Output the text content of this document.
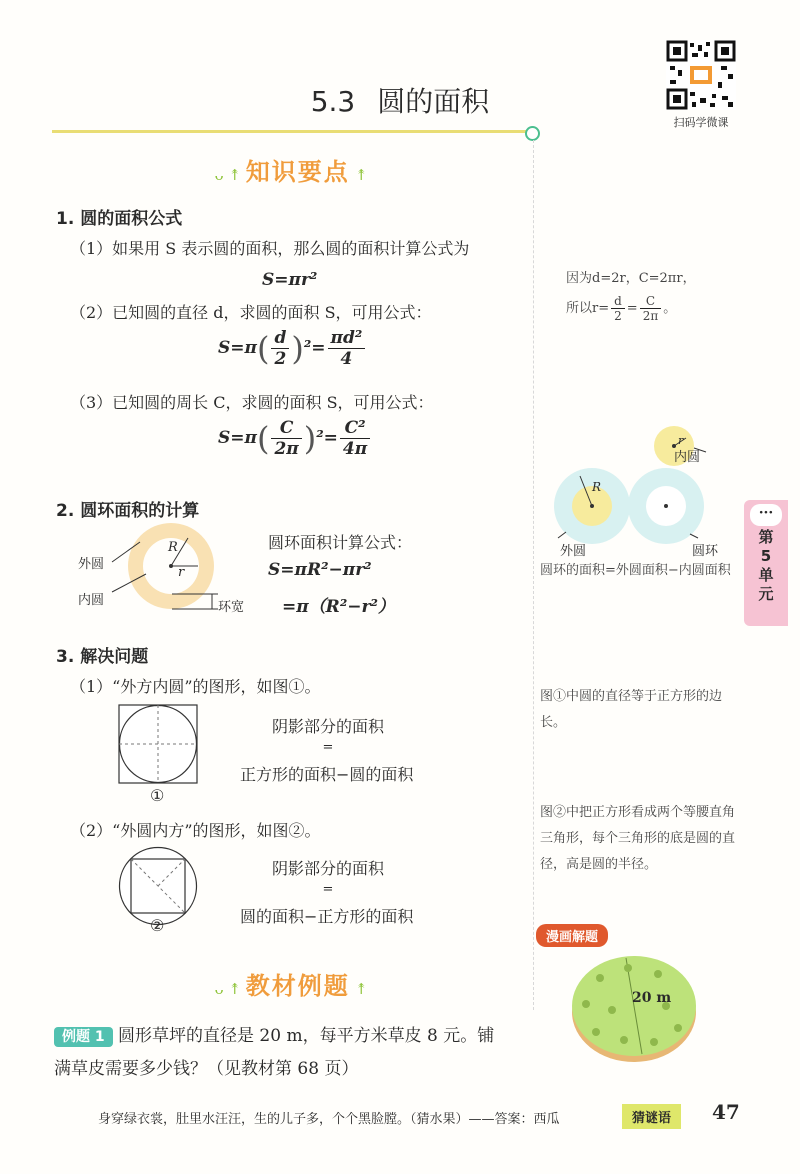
5.3 圆的面积
扫码学微课
ᴗ ↟ 知识要点 ↟
1. 圆的面积公式
（1）如果用 S 表示圆的面积，那么圆的面积计算公式为
S=πr²
（2）已知圆的直径 d，求圆的面积 S，可用公式：
$S=\pi( \frac{d}{2} )^2= \frac{\text{πd²}}{4}$
（3）已知圆的周长 C，求圆的面积 S，可用公式：
$S=\pi( \frac{C}{2\pi} )^2= \frac{\text{C²}}{4\pi}$
2. 圆环面积的计算
外圆
内圆
R
r
环宽
圆环面积计算公式：
S=πR²−πr²
=π（R²−r²）
3. 解决问题
（1）“外方内圆”的图形，如图①。
①
阴影部分的面积
=
正方形的面积−圆的面积
（2）“外圆内方”的图形，如图②。
②
阴影部分的面积
=
圆的面积−正方形的面积
ᴗ ↟ 教材例题 ↟
例题 1 圆形草坪的直径是 20 m，每平方米草皮 8 元。铺
满草皮需要多少钱？（见教材第 68 页）
因为d=2r，C=2πr，
所以$r= \frac{d}{2} = \frac{C}{2\pi}$ 。
内圆
外圆	圆环
R
r
圆环的面积=外圆面积−内圆面积
图①中圆的直径等于正方形的边长。
图②中把正方形看成两个等腰直角三角形，每个三角形的底是圆的直径，高是圆的半径。
漫画解题
20 m
···
第
5
单
元
身穿绿衣裳，肚里水汪汪，生的儿子多，个个黑脸膛。（猜水果）——答案：西瓜	猜谜语	47
